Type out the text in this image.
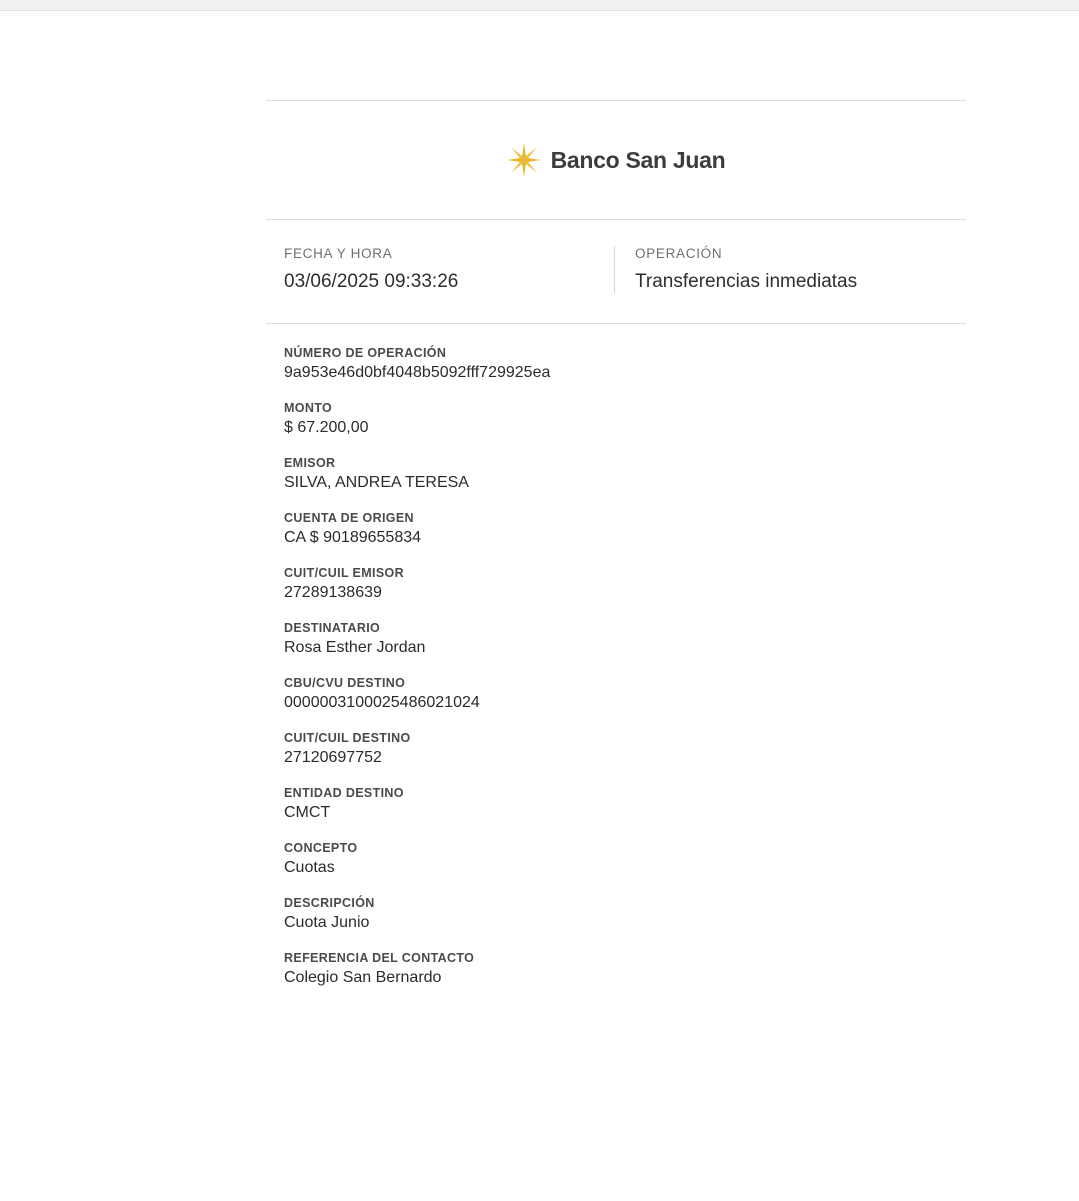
Banco San Juan
FECHA Y HORA
03/06/2025 09:33:26
OPERACIÓN
Transferencias inmediatas
NÚMERO DE OPERACIÓN
9a953e46d0bf4048b5092fff729925ea
MONTO
$ 67.200,00
EMISOR
SILVA, ANDREA TERESA
CUENTA DE ORIGEN
CA $ 90189655834
CUIT/CUIL EMISOR
27289138639
DESTINATARIO
Rosa Esther Jordan
CBU/CVU DESTINO
0000003100025486021024
CUIT/CUIL DESTINO
27120697752
ENTIDAD DESTINO
CMCT
CONCEPTO
Cuotas
DESCRIPCIÓN
Cuota Junio
REFERENCIA DEL CONTACTO
Colegio San Bernardo
